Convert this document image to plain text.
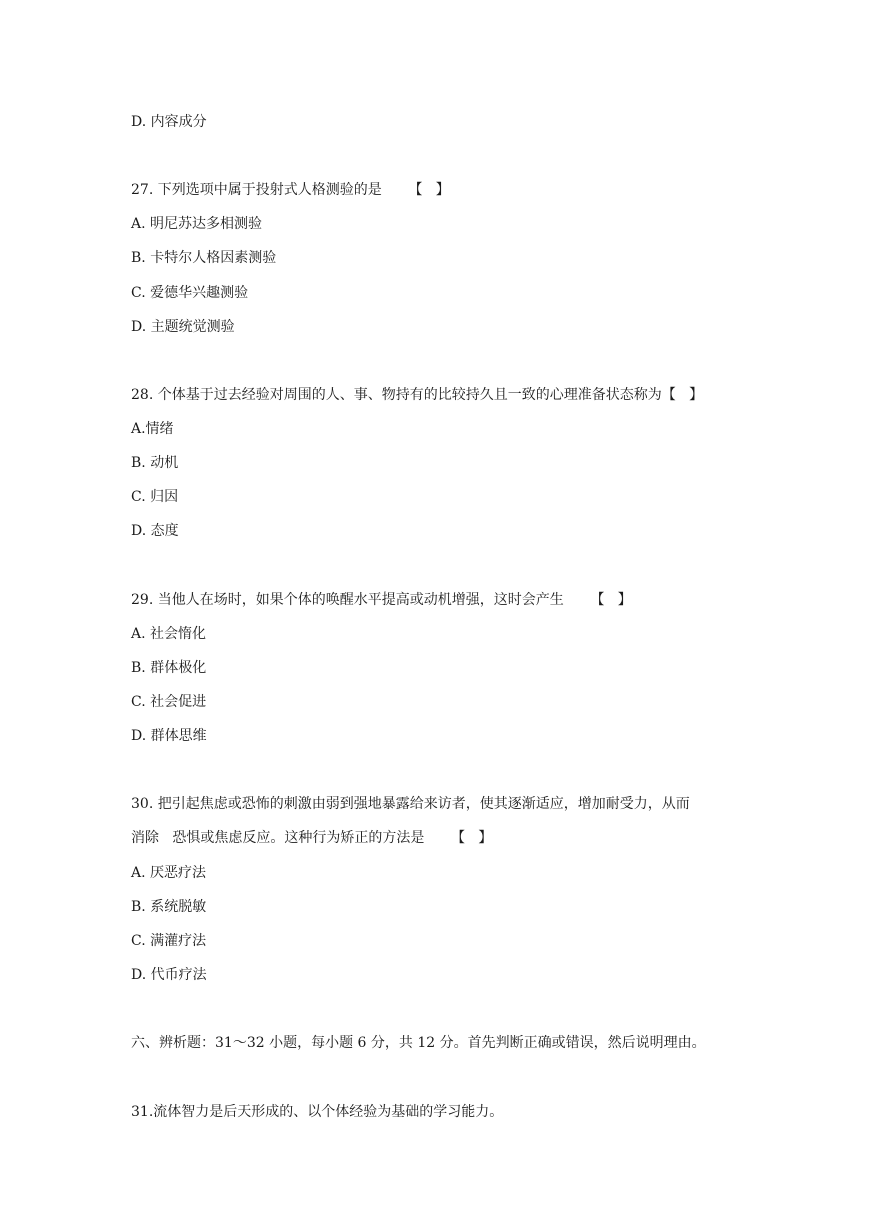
D. 内容成分
27. 下列选项中属于投射式人格测验的是      【   】
A. 明尼苏达多相测验
B. 卡特尔人格因素测验
C. 爱德华兴趣测验
D. 主题统觉测验
28. 个体基于过去经验对周围的人、事、物持有的比较持久且一致的心理准备状态称为【   】
A.情绪
B. 动机
C. 归因
D. 态度
29. 当他人在场时，如果个体的唤醒水平提高或动机增强，这时会产生      【   】
A. 社会惰化
B. 群体极化
C. 社会促进
D. 群体思维
30. 把引起焦虑或恐怖的刺激由弱到强地暴露给来访者，使其逐渐适应，增加耐受力，从而
消除   恐惧或焦虑反应。这种行为矫正的方法是      【   】
A. 厌恶疗法
B. 系统脱敏
C. 满灌疗法
D. 代币疗法
六、辨析题：31～32 小题，每小题 6 分，共 12 分。首先判断正确或错误，然后说明理由。
31.流体智力是后天形成的、以个体经验为基础的学习能力。
